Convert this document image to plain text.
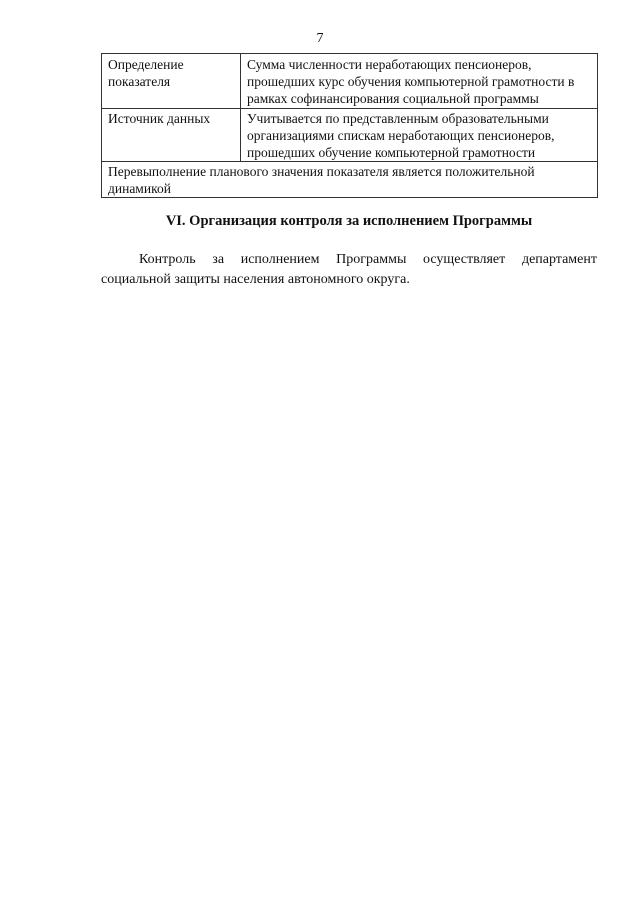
7
Определение показателя	Сумма численности неработающих пенсионеров, прошедших курс обучения компьютерной грамотности в рамках софинансирования социальной программы
Источник данных	Учитывается по представленным образовательными организациями спискам неработающих пенсионеров, прошедших обучение компьютерной грамотности
Перевыполнение планового значения показателя является положительной динамикой	
VI. Организация контроля за исполнением Программы

Контроль за исполнением Программы осуществляет департамент социальной защиты населения автономного округа.
